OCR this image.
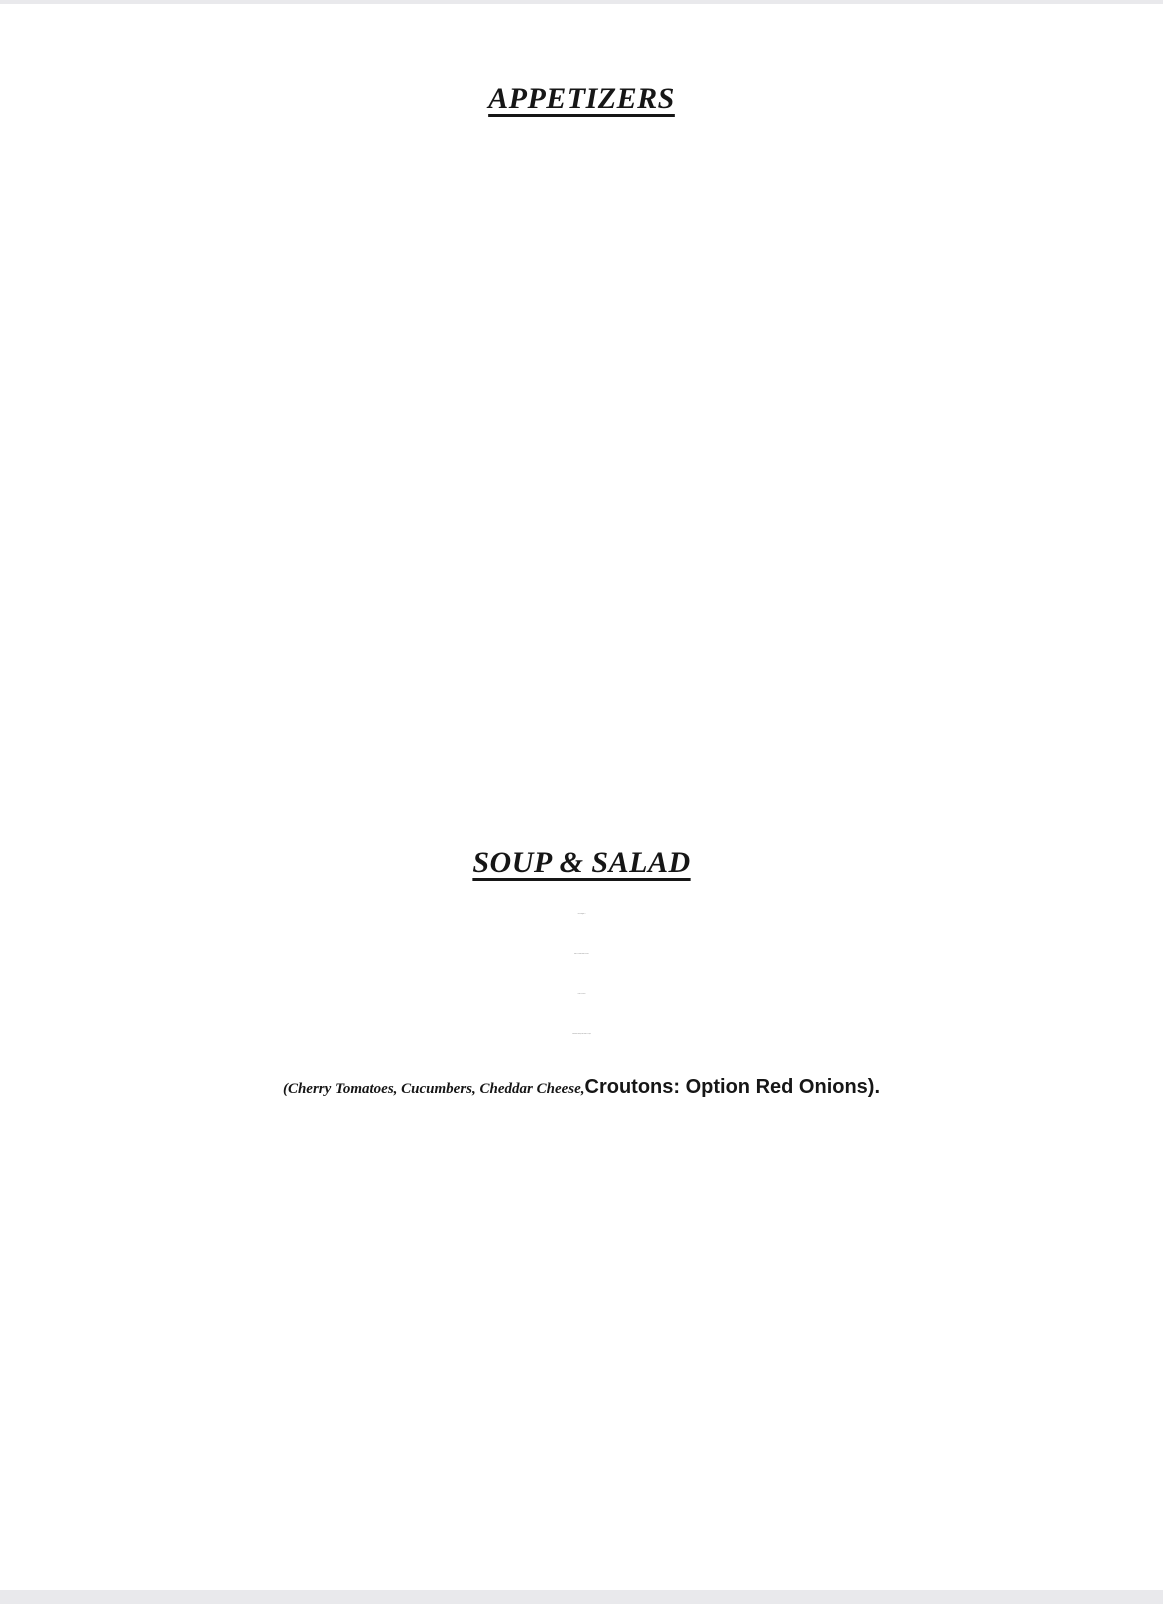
APPETIZERS
SOUP & SALAD
CRAB BISQUE 5
SIDE SALAD OR SIDE CAESAR 4
LARGE CAESAR 7
HITCHING POST (LARGE SIDE SALAD) 7
(Cherry Tomatoes, Cucumbers, Cheddar Cheese, Croutons: Option Red Onions).
